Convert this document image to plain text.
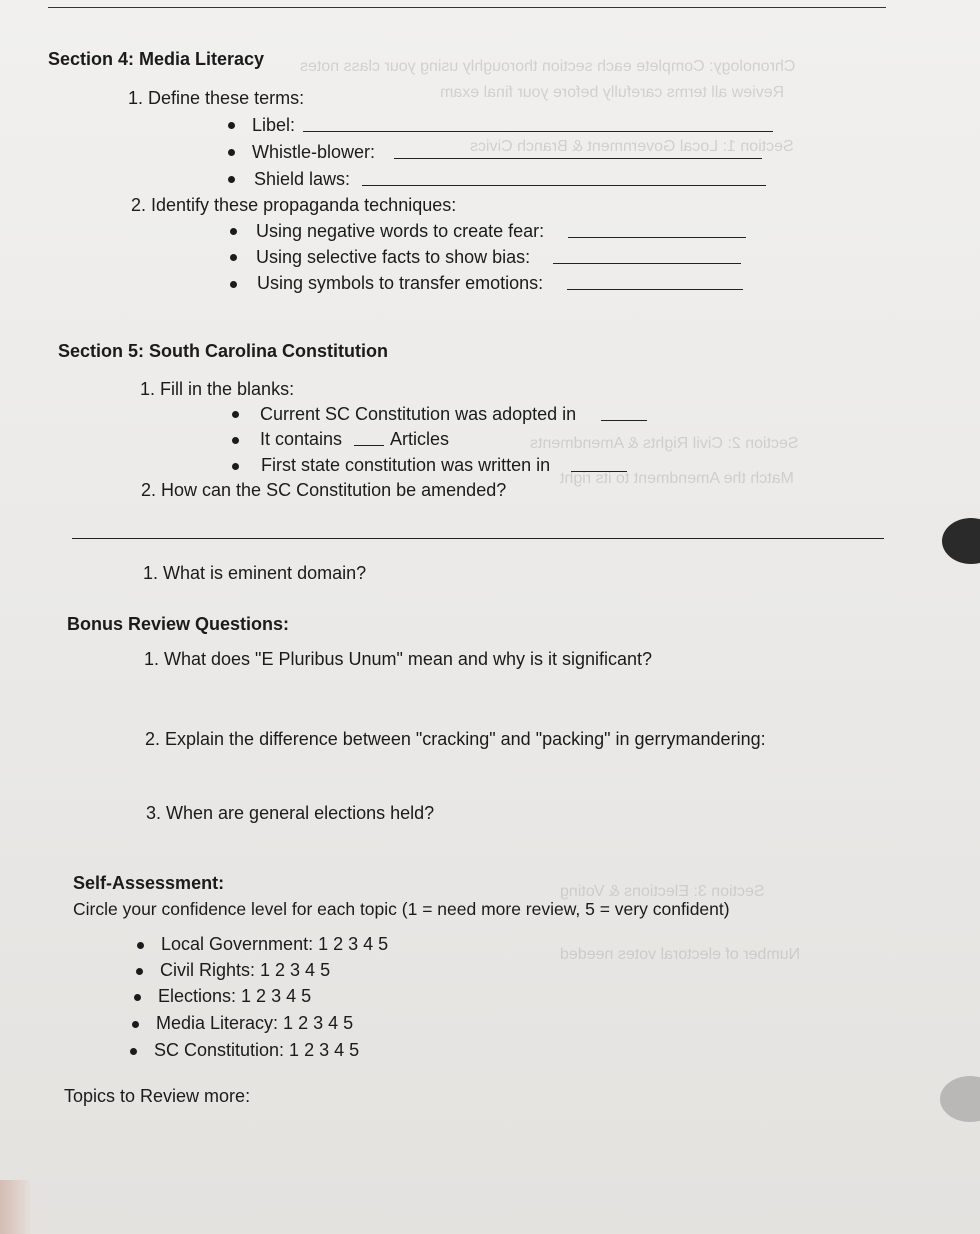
Chronology: Complete each section thoroughly using your class notes
Review all terms carefully before your final exam
Section 1: Local Government & Branch Civics
Section 2: Civil Rights & Amendments
Match the Amendment to its right
Section 3: Elections & Voting
Number of electoral votes needed
Section 4: Media Literacy
1. Define these terms:
Libel:
Whistle-blower:
Shield laws:
2. Identify these propaganda techniques:
Using negative words to create fear:
Using selective facts to show bias:
Using symbols to transfer emotions:
Section 5: South Carolina Constitution
1. Fill in the blanks:
Current SC Constitution was adopted in
It contains	Articles
First state constitution was written in
2. How can the SC Constitution be amended?
1. What is eminent domain?
Bonus Review Questions:
1. What does "E Pluribus Unum" mean and why is it significant?
2. Explain the difference between "cracking" and "packing" in gerrymandering:
3. When are general elections held?
Self-Assessment:
Circle your confidence level for each topic (1 = need more review, 5 = very confident)
Local Government: 1 2 3 4 5
Civil Rights: 1 2 3 4 5
Elections: 1 2 3 4 5
Media Literacy: 1 2 3 4 5
SC Constitution: 1 2 3 4 5
Topics to Review more:
